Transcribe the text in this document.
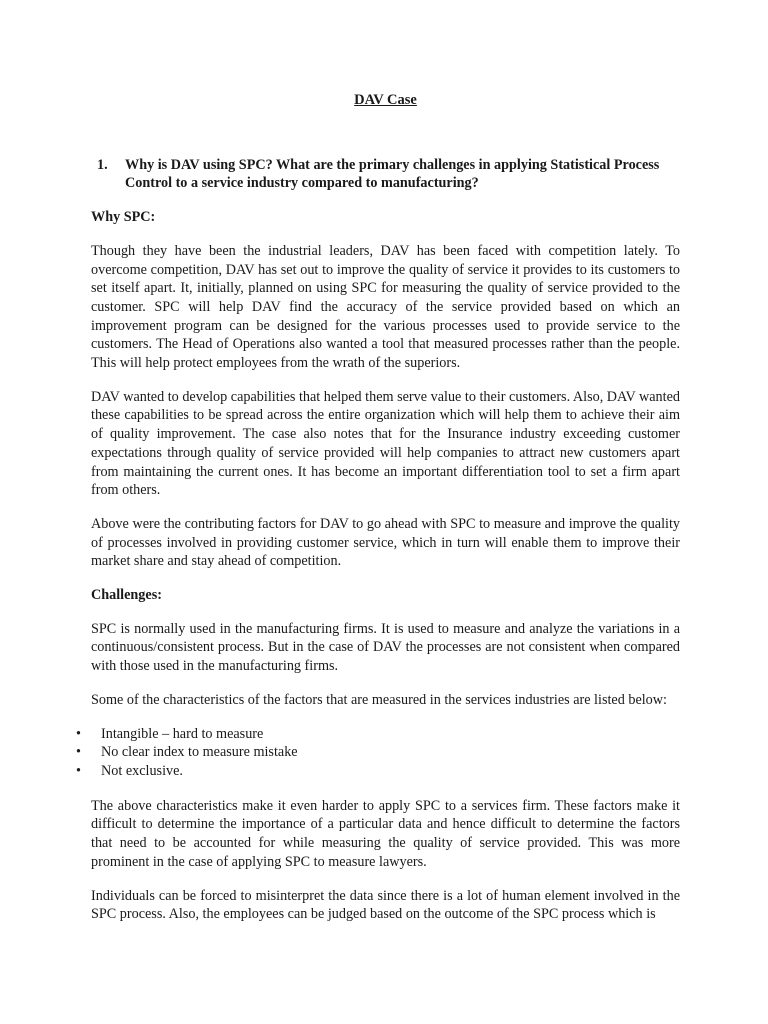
DAV Case
1.	Why is DAV using SPC? What are the primary challenges in applying Statistical Process Control to a service industry compared to manufacturing?
Why SPC:

Though they have been the industrial leaders, DAV has been faced with competition lately. To overcome competition, DAV has set out to improve the quality of service it provides to its customers to set itself apart. It, initially, planned on using SPC for measuring the quality of service provided to the customer. SPC will help DAV find the accuracy of the service provided based on which an improvement program can be designed for the various processes used to provide service to the customers. The Head of Operations also wanted a tool that measured processes rather than the people. This will help protect employees from the wrath of the superiors.

DAV wanted to develop capabilities that helped them serve value to their customers. Also, DAV wanted these capabilities to be spread across the entire organization which will help them to achieve their aim of quality improvement. The case also notes that for the Insurance industry exceeding customer expectations through quality of service provided will help companies to attract new customers apart from maintaining the current ones. It has become an important differentiation tool to set a firm apart from others.

Above were the contributing factors for DAV to go ahead with SPC to measure and improve the quality of processes involved in providing customer service, which in turn will enable them to improve their market share and stay ahead of competition.

Challenges:

SPC is normally used in the manufacturing firms. It is used to measure and analyze the variations in a continuous/consistent process. But in the case of DAV the processes are not consistent when compared with those used in the manufacturing firms.

Some of the characteristics of the factors that are measured in the services industries are listed below:

• Intangible – hard to measure
• No clear index to measure mistake
• Not exclusive.

The above characteristics make it even harder to apply SPC to a services firm. These factors make it difficult to determine the importance of a particular data and hence difficult to determine the factors that need to be accounted for while measuring the quality of service provided. This was more prominent in the case of applying SPC to measure lawyers.

Individuals can be forced to misinterpret the data since there is a lot of human element involved in the SPC process. Also, the employees can be judged based on the outcome of the SPC process which is
